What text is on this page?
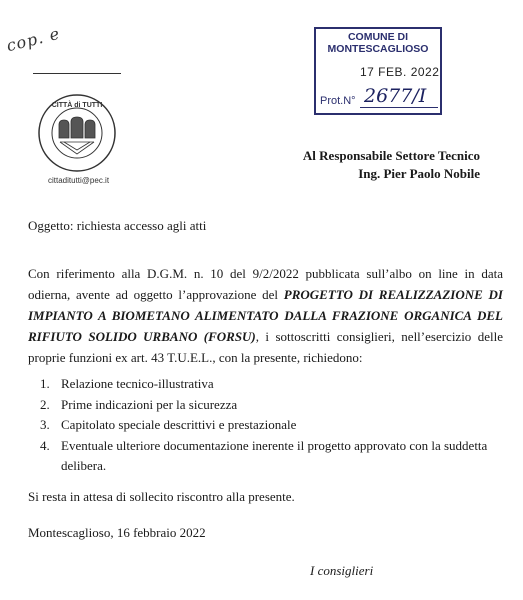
cop. e
CITTÀ di TUTTI
cittaditutti@pec.it
COMUNE DI MONTESCAGLIOSO
17 FEB. 2022
Prot.N° 2677/I
Al Responsabile Settore Tecnico
Ing. Pier Paolo Nobile
Oggetto: richiesta accesso agli atti
Con riferimento alla D.G.M. n. 10 del 9/2/2022 pubblicata sull’albo on line in data odierna, avente ad oggetto l’approvazione del PROGETTO DI REALIZZAZIONE DI IMPIANTO A BIOMETANO ALIMENTATO DALLA FRAZIONE ORGANICA DEL RIFIUTO SOLIDO URBANO (FORSU), i sottoscritti consiglieri, nell’esercizio delle proprie funzioni ex art. 43 T.U.E.L., con la presente, richiedono:
1. Relazione tecnico-illustrativa
2. Prime indicazioni per la sicurezza
3. Capitolato speciale descrittivi e prestazionale
4. Eventuale ulteriore documentazione inerente il progetto approvato con la suddetta delibera.
Si resta in attesa di sollecito riscontro alla presente.
Montescaglioso, 16 febbraio 2022
I consiglieri
